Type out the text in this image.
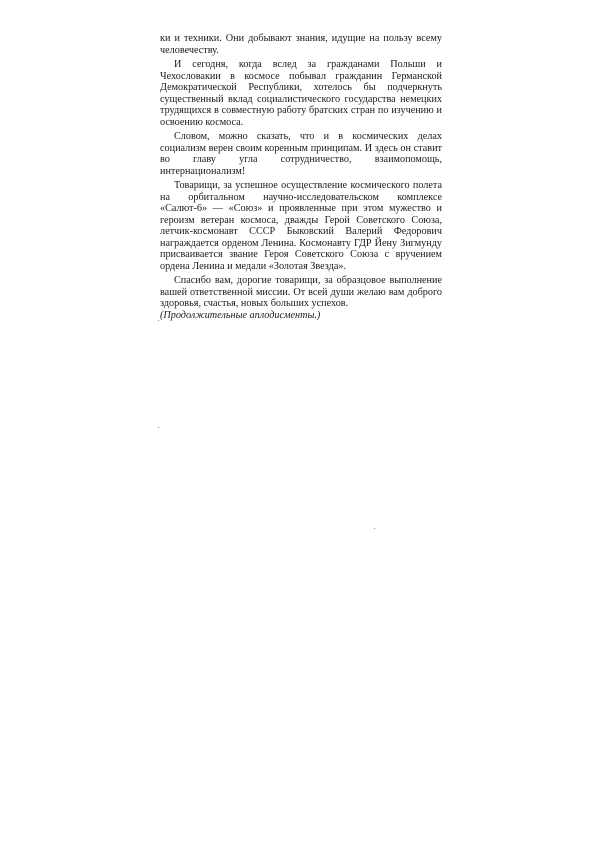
ки и техники. Они добывают знания, идущие на пользу всему человечеству.

И сегодня, когда вслед за гражданами Польши и Чехословакии в космосе побывал гражданин Германской Демократической Республики, хотелось бы подчеркнуть существенный вклад социалистического государства немецких трудящихся в совместную работу братских стран по изучению и освоению космоса.

Словом, можно сказать, что и в космических делах социализм верен своим коренным принципам. И здесь он ставит во главу угла сотрудничество, взаимопомощь, интернационализм!

Товарищи, за успешное осуществление космического полета на орбитальном научно-исследовательском комплексе «Салют-6» — «Союз» и проявленные при этом мужество и героизм ветеран космоса, дважды Герой Советского Союза, летчик-космонавт СССР Быковский Валерий Федорович награждается орденом Ленина. Космонавту ГДР Йену Зигмунду присваивается звание Героя Советского Союза с вручением ордена Ленина и медали «Золотая Звезда».

Спасибо вам, дорогие товарищи, за образцовое выполнение вашей ответственной миссии. От всей души желаю вам доброго здоровья, счастья, новых больших успехов.

(Продолжительные аплодисменты.)
